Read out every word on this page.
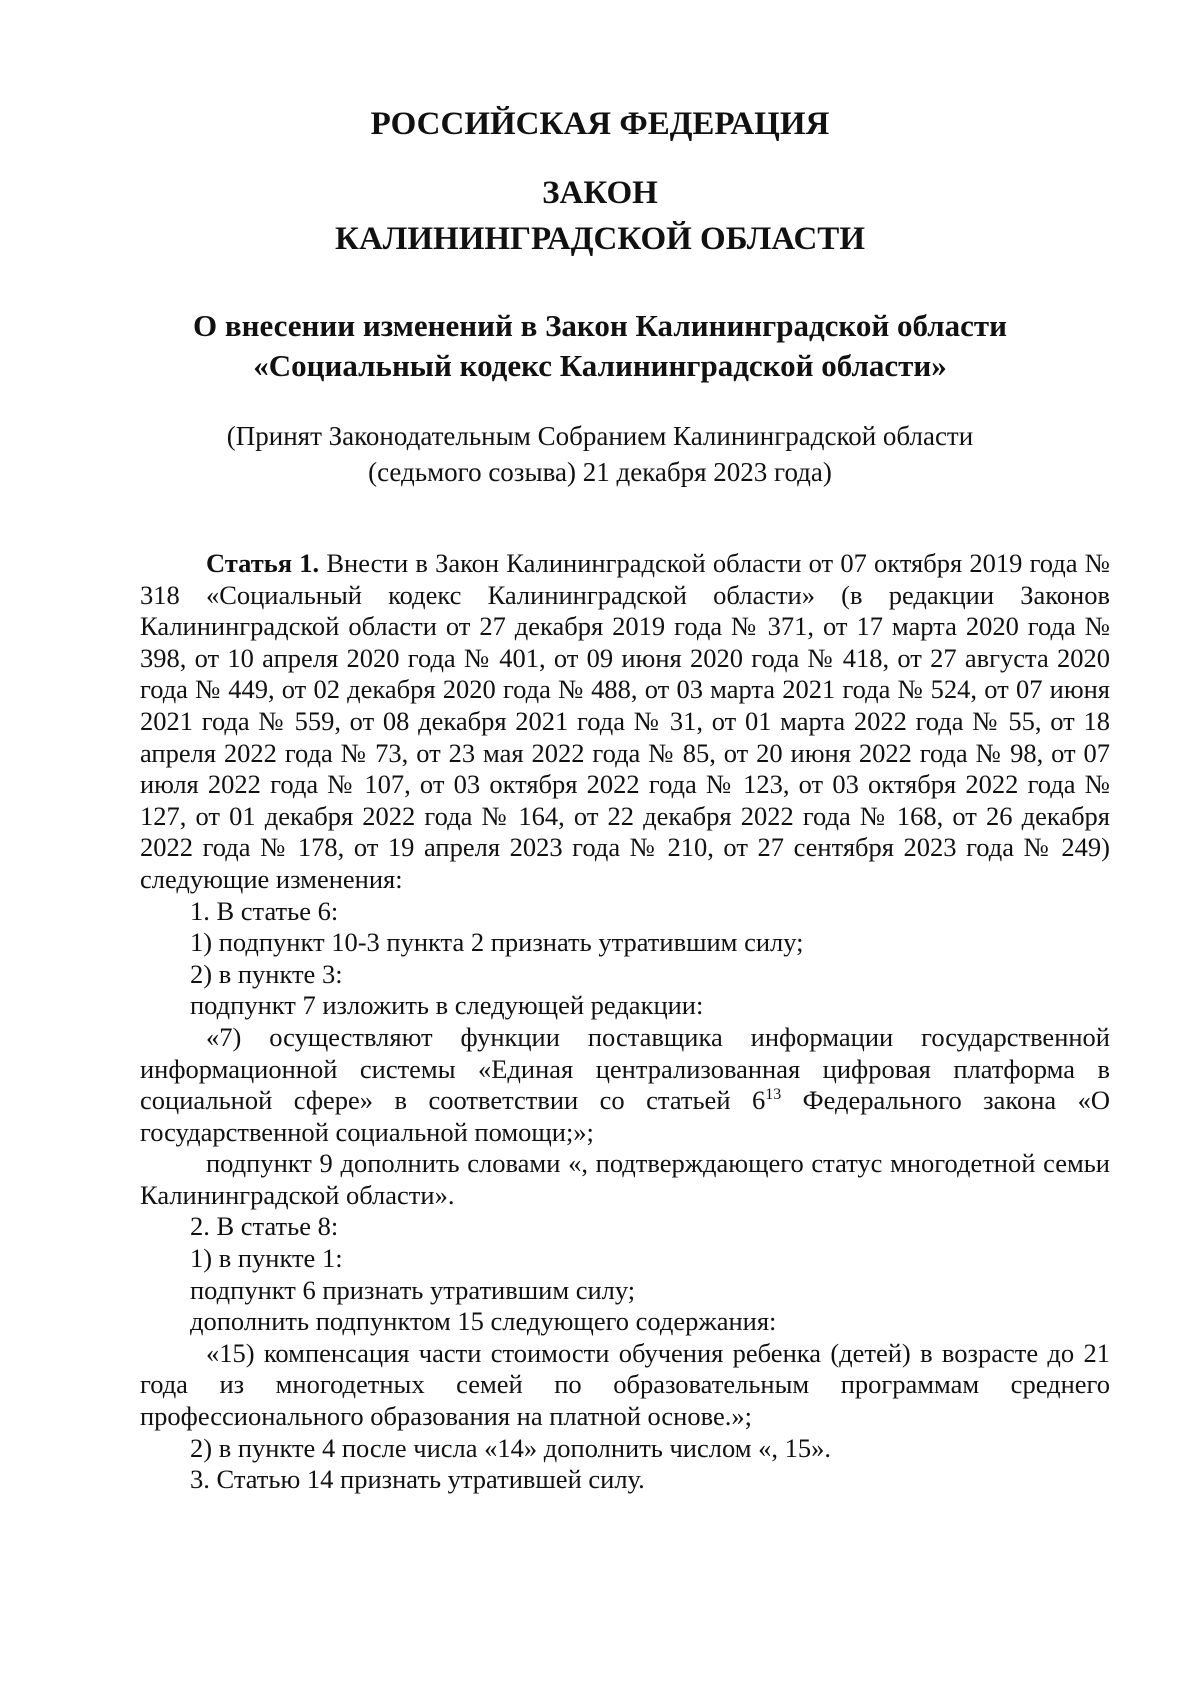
РОССИЙСКАЯ ФЕДЕРАЦИЯ
ЗАКОН
КАЛИНИНГРАДСКОЙ ОБЛАСТИ
О внесении изменений в Закон Калининградской области
«Социальный кодекс Калининградской области»
(Принят Законодательным Собранием Калининградской области
(седьмого созыва) 21 декабря 2023 года)

Статья 1. Внести в Закон Калининградской области от 07 октября 2019 года № 318 «Социальный кодекс Калининградской области» (в редакции Законов Калининградской области от 27 декабря 2019 года № 371, от 17 марта 2020 года № 398, от 10 апреля 2020 года № 401, от 09 июня 2020 года № 418, от 27 августа 2020 года № 449, от 02 декабря 2020 года № 488, от 03 марта 2021 года № 524, от 07 июня 2021 года № 559, от 08 декабря 2021 года № 31, от 01 марта 2022 года № 55, от 18 апреля 2022 года № 73, от 23 мая 2022 года № 85, от 20 июня 2022 года № 98, от 07 июля 2022 года № 107, от 03 октября 2022 года № 123, от 03 октября 2022 года № 127, от 01 декабря 2022 года № 164, от 22 декабря 2022 года № 168, от 26 декабря 2022 года № 178, от 19 апреля 2023 года № 210, от 27 сентября 2023 года № 249) следующие изменения:

1. В статье 6:

1) подпункт 10-3 пункта 2 признать утратившим силу;

2) в пункте 3:

подпункт 7 изложить в следующей редакции:

«7) осуществляют функции поставщика информации государственной информационной системы «Единая централизованная цифровая платформа в социальной сфере» в соответствии со статьей $6^{13}$ Федерального закона «О государственной социальной помощи;»;

подпункт 9 дополнить словами «, подтверждающего статус многодетной семьи Калининградской области».

2. В статье 8:

1) в пункте 1:

подпункт 6 признать утратившим силу;

дополнить подпунктом 15 следующего содержания:

«15) компенсация части стоимости обучения ребенка (детей) в возрасте до 21 года из многодетных семей по образовательным программам среднего профессионального образования на платной основе.»;

2) в пункте 4 после числа «14» дополнить числом «, 15».

3. Статью 14 признать утратившей силу.
